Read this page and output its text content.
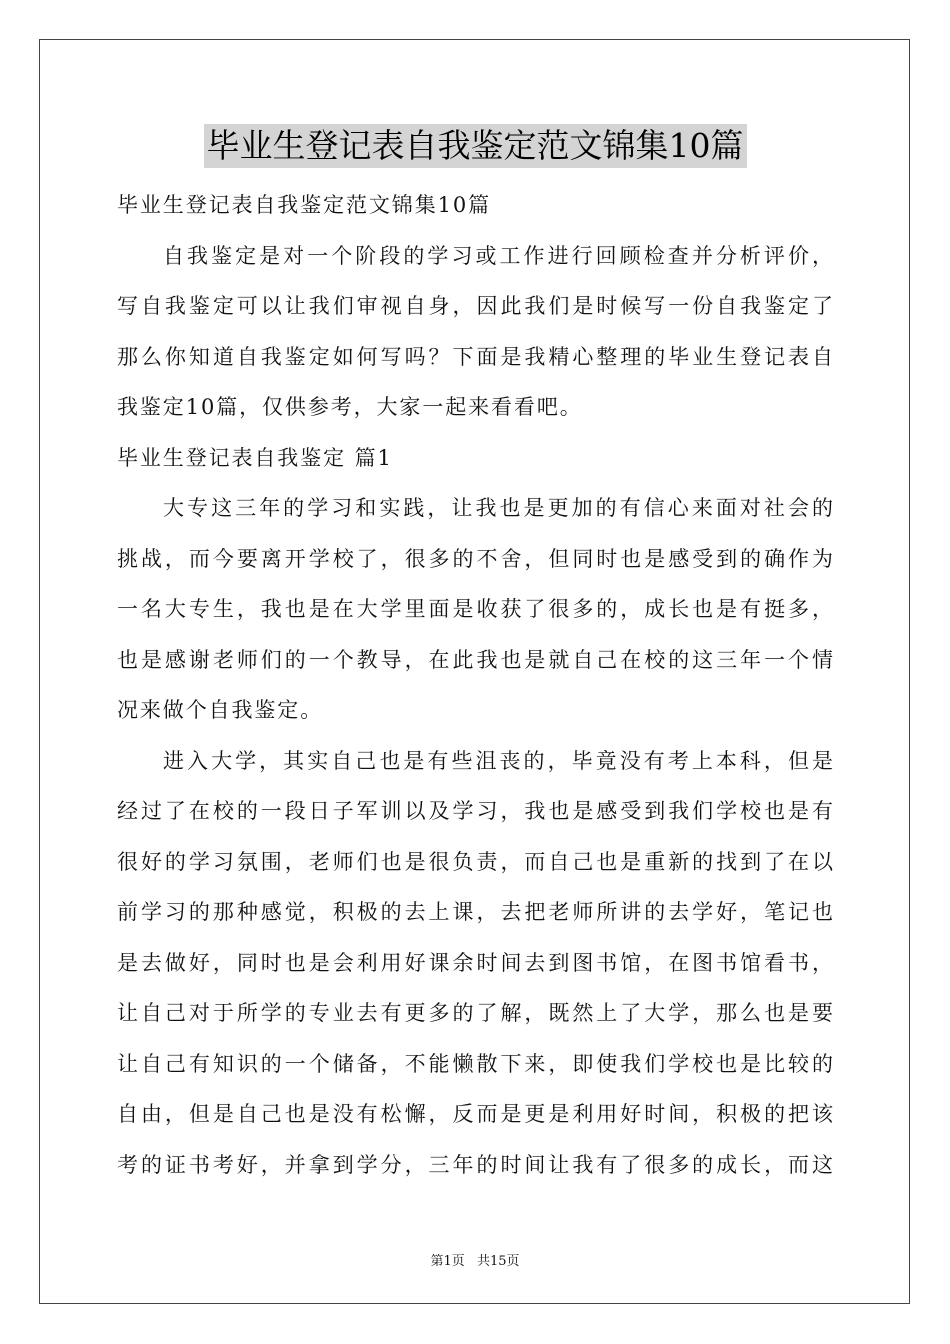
毕业生登记表自我鉴定范文锦集10篇
毕业生登记表自我鉴定范文锦集10篇
自我鉴定是对一个阶段的学习或工作进行回顾检查并分析评价，
写自我鉴定可以让我们审视自身，因此我们是时候写一份自我鉴定了
那么你知道自我鉴定如何写吗？下面是我精心整理的毕业生登记表自
我鉴定10篇，仅供参考，大家一起来看看吧。
毕业生登记表自我鉴定 篇1
大专这三年的学习和实践，让我也是更加的有信心来面对社会的
挑战，而今要离开学校了，很多的不舍，但同时也是感受到的确作为
一名大专生，我也是在大学里面是收获了很多的，成长也是有挺多，
也是感谢老师们的一个教导，在此我也是就自己在校的这三年一个情
况来做个自我鉴定。
进入大学，其实自己也是有些沮丧的，毕竟没有考上本科，但是
经过了在校的一段日子军训以及学习，我也是感受到我们学校也是有
很好的学习氛围，老师们也是很负责，而自己也是重新的找到了在以
前学习的那种感觉，积极的去上课，去把老师所讲的去学好，笔记也
是去做好，同时也是会利用好课余时间去到图书馆，在图书馆看书，
让自己对于所学的专业去有更多的了解，既然上了大学，那么也是要
让自己有知识的一个储备，不能懒散下来，即使我们学校也是比较的
自由，但是自己也是没有松懈，反而是更是利用好时间，积极的把该
考的证书考好，并拿到学分，三年的时间让我有了很多的成长，而这
第1页 共15页
